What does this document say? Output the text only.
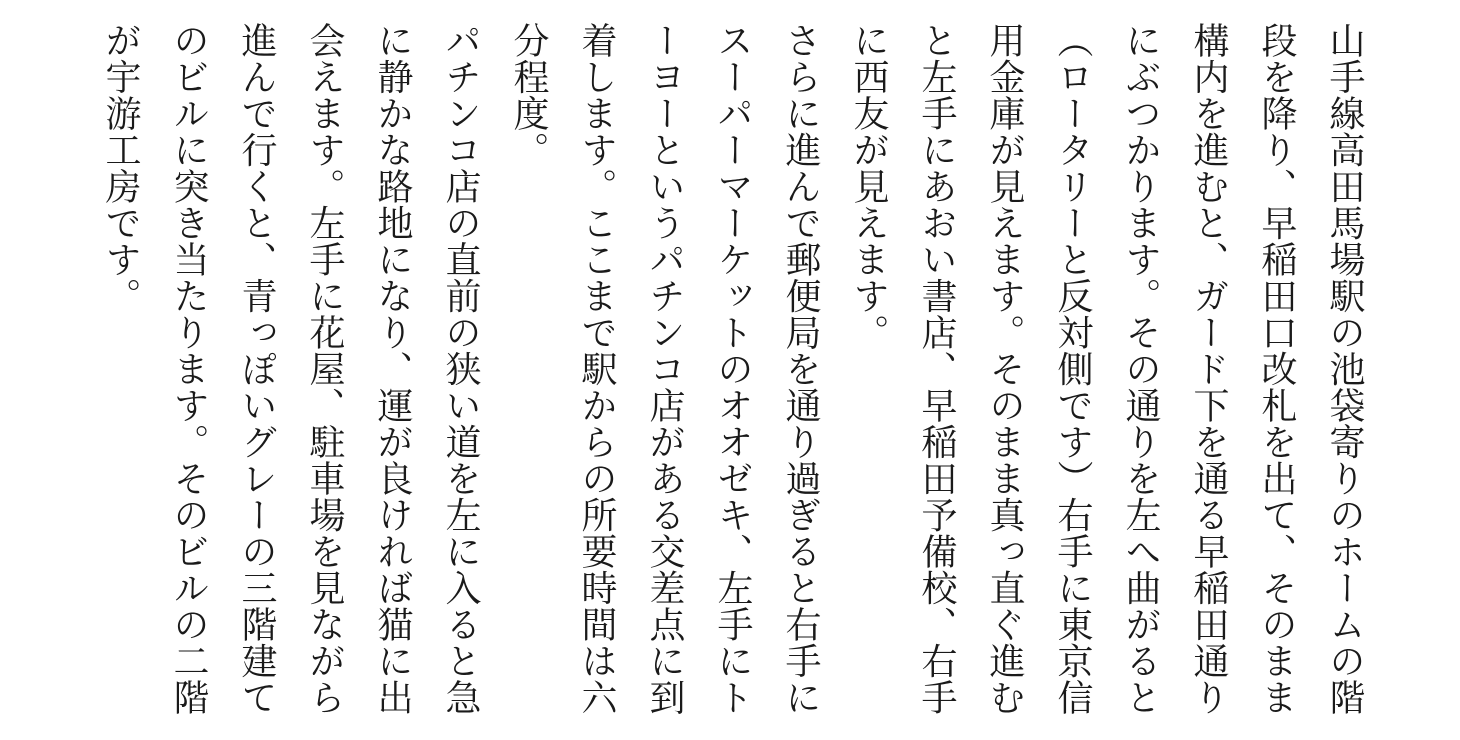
山手線高田馬場駅の池袋寄りのホームの階段を降り、早稲田口改札を出て、そのまま構内を進むと、ガード下を通る早稲田通りにぶつかります。その通りを左へ曲がると（ロータリーと反対側です）右手に東京信用金庫が見えます。そのまま真っ直ぐ進むと左手にあおい書店、早稲田予備校、右手に西友が見えます。

さらに進んで郵便局を通り過ぎると右手にスーパーマーケットのオオゼキ、左手にトーヨーというパチンコ店がある交差点に到着します。ここまで駅からの所要時間は六分程度。

パチンコ店の直前の狭い道を左に入ると急に静かな路地になり、運が良ければ猫に出会えます。左手に花屋、駐車場を見ながら進んで行くと、青っぽいグレーの三階建てのビルに突き当たります。そのビルの二階が宇游工房です。
